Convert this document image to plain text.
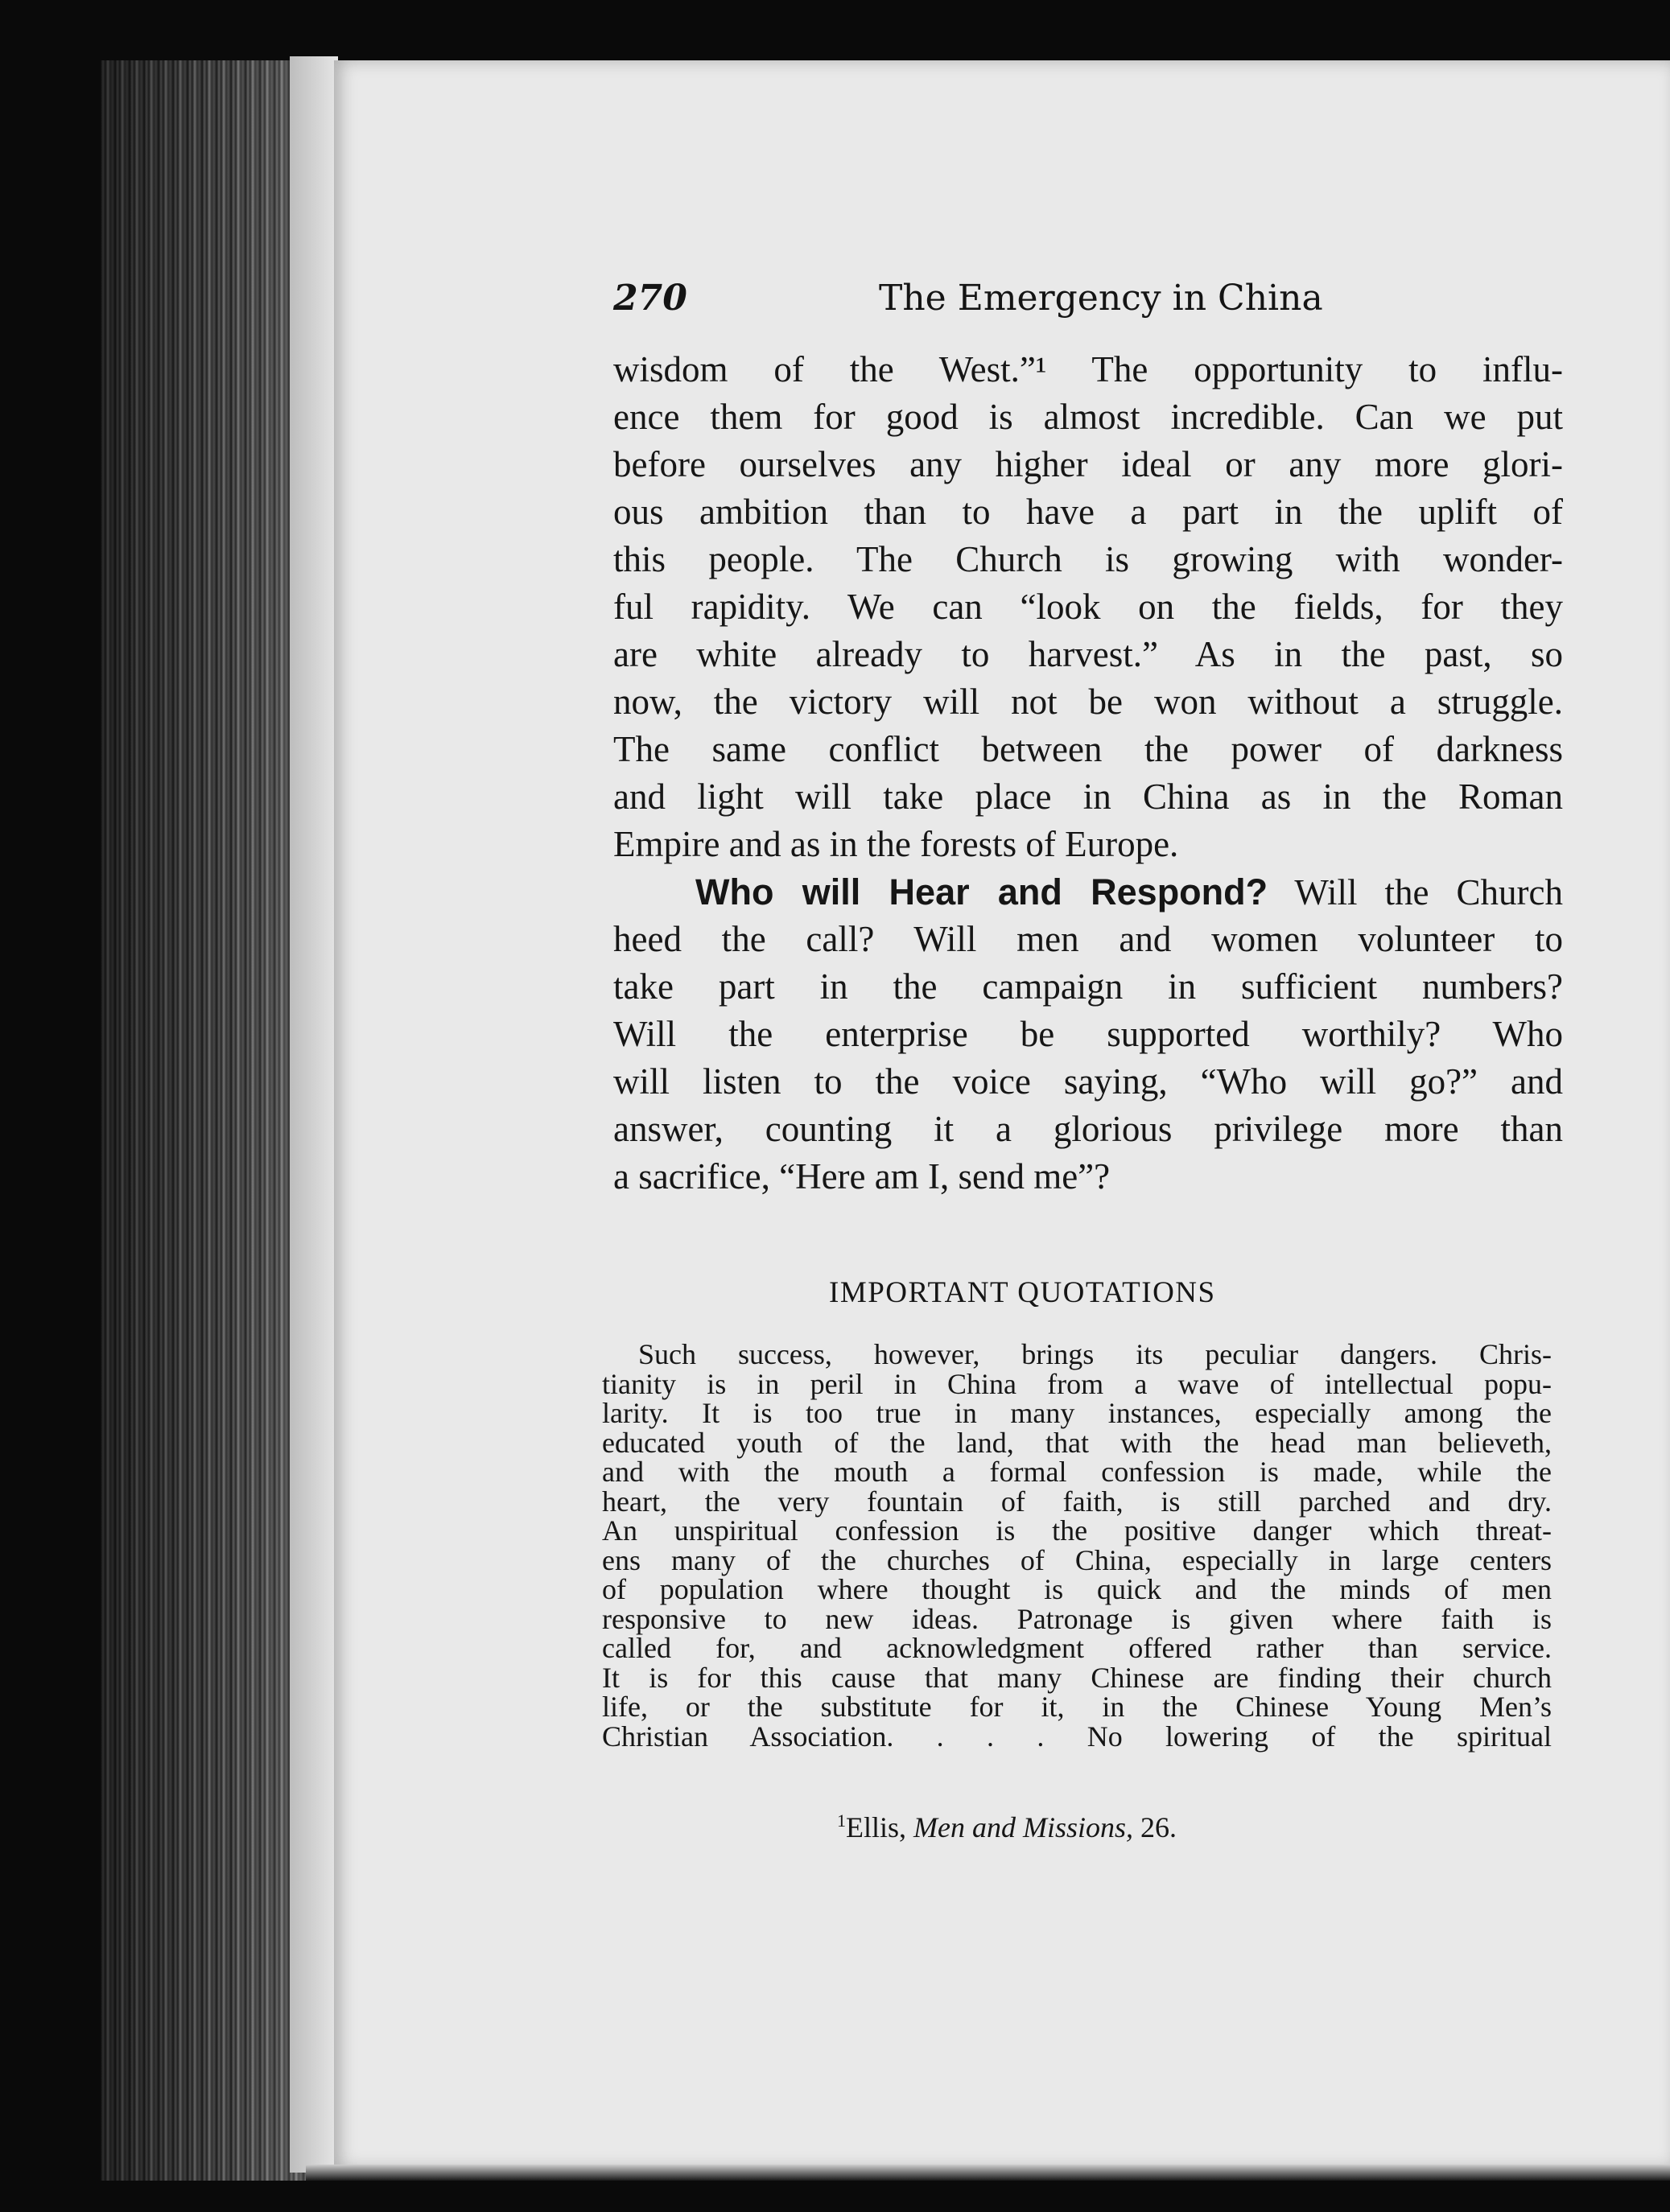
270	The Emergency in China
wisdom of the West.”¹ The opportunity to influ-
ence them for good is almost incredible. Can we put
before ourselves any higher ideal or any more glori-
ous ambition than to have a part in the uplift of
this people. The Church is growing with wonder-
ful rapidity. We can “look on the fields, for they
are white already to harvest.” As in the past, so
now, the victory will not be won without a struggle.
The same conflict between the power of darkness
and light will take place in China as in the Roman
Empire and as in the forests of Europe.
Who will Hear and Respond? Will the Church
heed the call? Will men and women volunteer to
take part in the campaign in sufficient numbers?
Will the enterprise be supported worthily? Who
will listen to the voice saying, “Who will go?” and
answer, counting it a glorious privilege more than
a sacrifice, “Here am I, send me”?
IMPORTANT QUOTATIONS
Such success, however, brings its peculiar dangers. Chris-
tianity is in peril in China from a wave of intellectual popu-
larity. It is too true in many instances, especially among the
educated youth of the land, that with the head man believeth,
and with the mouth a formal confession is made, while the
heart, the very fountain of faith, is still parched and dry.
An unspiritual confession is the positive danger which threat-
ens many of the churches of China, especially in large centers
of population where thought is quick and the minds of men
responsive to new ideas. Patronage is given where faith is
called for, and acknowledgment offered rather than service.
It is for this cause that many Chinese are finding their church
life, or the substitute for it, in the Chinese Young Men’s
Christian Association. . . . No lowering of the spiritual
$^1$Ellis, Men and Missions, 26.
